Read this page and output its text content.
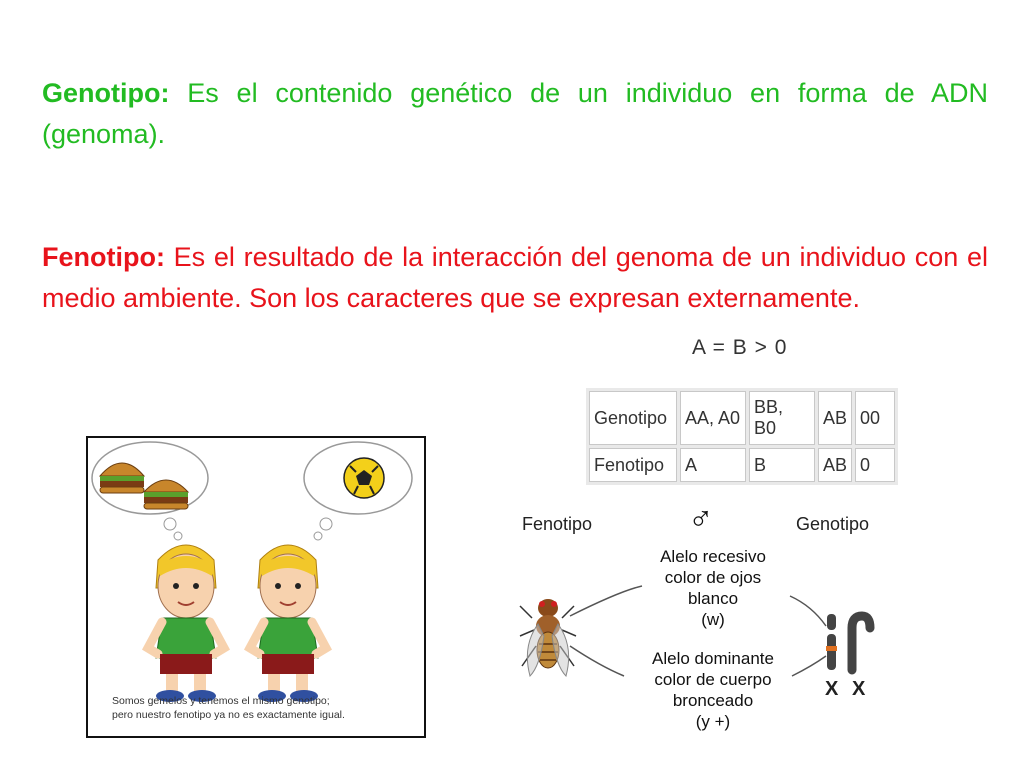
Genotipo: Es el contenido genético de un individuo en forma de ADN (genoma).

Fenotipo: Es el resultado de la interacción del genoma de un individuo con el medio ambiente. Son los caracteres que se expresan externamente.

A = B > 0
Genotipo	AA, A0	BB, B0	AB	00
Fenotipo	A	B	AB	0
Somos gemelos y tenemos el mismo genotipo;
pero nuestro fenotipo ya no es exactamente igual.
Fenotipo	Genotipo
♂
Alelo recesivo
color de ojos
blanco
(w)
Alelo dominante
color de cuerpo
bronceado
(y +)
X X
